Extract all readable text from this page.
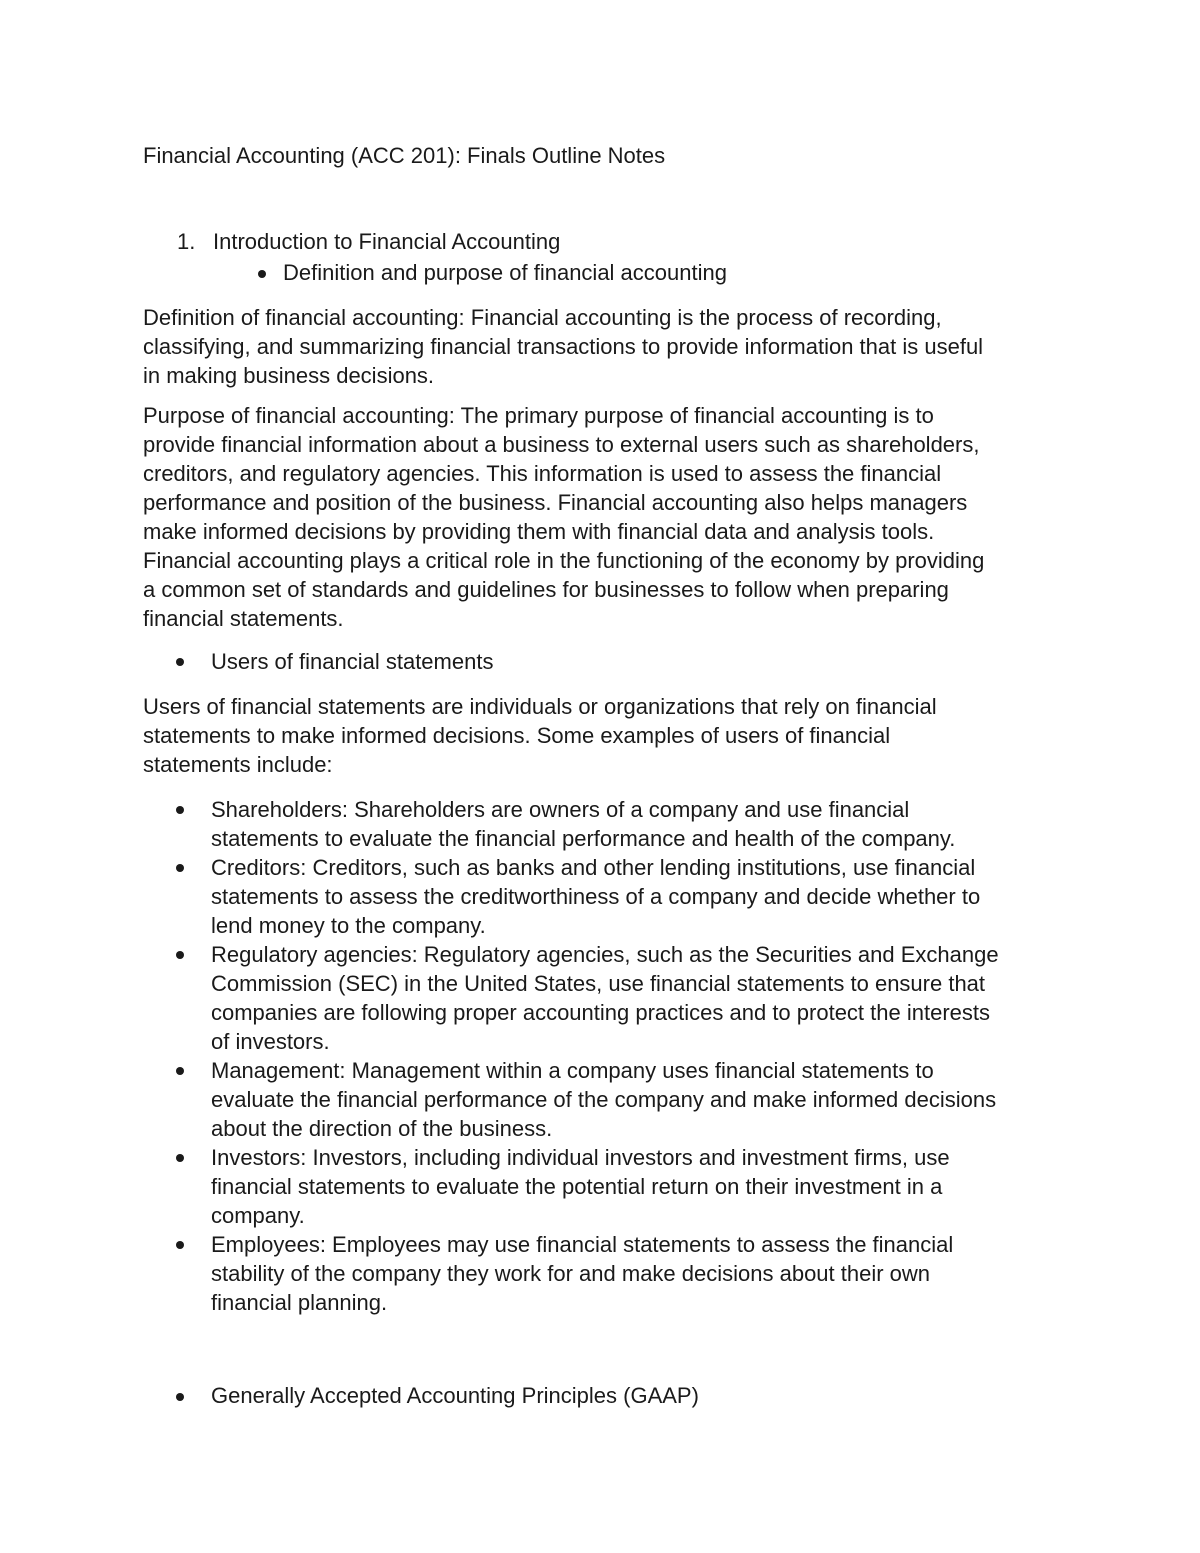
Financial Accounting (ACC 201): Finals Outline Notes
1. Introduction to Financial Accounting
Definition and purpose of financial accounting
Definition of financial accounting: Financial accounting is the process of recording,
classifying, and summarizing financial transactions to provide information that is useful
in making business decisions.
Purpose of financial accounting: The primary purpose of financial accounting is to
provide financial information about a business to external users such as shareholders,
creditors, and regulatory agencies. This information is used to assess the financial
performance and position of the business. Financial accounting also helps managers
make informed decisions by providing them with financial data and analysis tools.
Financial accounting plays a critical role in the functioning of the economy by providing
a common set of standards and guidelines for businesses to follow when preparing
financial statements.
Users of financial statements
Users of financial statements are individuals or organizations that rely on financial
statements to make informed decisions. Some examples of users of financial
statements include:
Shareholders: Shareholders are owners of a company and use financial
statements to evaluate the financial performance and health of the company.
Creditors: Creditors, such as banks and other lending institutions, use financial
statements to assess the creditworthiness of a company and decide whether to
lend money to the company.
Regulatory agencies: Regulatory agencies, such as the Securities and Exchange
Commission (SEC) in the United States, use financial statements to ensure that
companies are following proper accounting practices and to protect the interests
of investors.
Management: Management within a company uses financial statements to
evaluate the financial performance of the company and make informed decisions
about the direction of the business.
Investors: Investors, including individual investors and investment firms, use
financial statements to evaluate the potential return on their investment in a
company.
Employees: Employees may use financial statements to assess the financial
stability of the company they work for and make decisions about their own
financial planning.
Generally Accepted Accounting Principles (GAAP)
